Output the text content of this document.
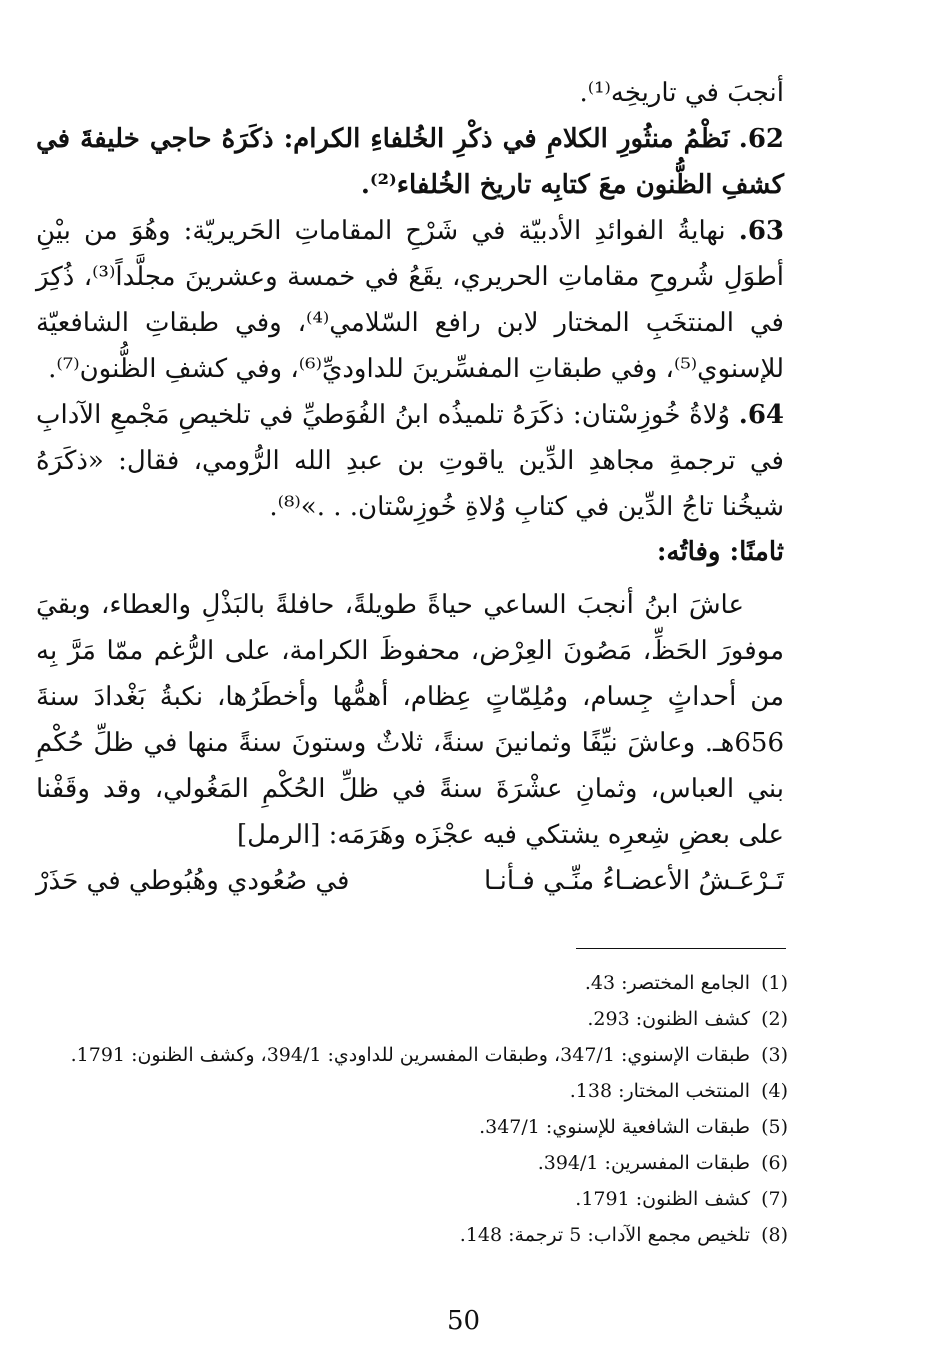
أنجبَ في تاريخِه⁽¹⁾.

62. نَظْمُ منثُورِ الكلامِ في ذكْرِ الخُلفاءِ الكرام: ذكَرَهُ حاجي خليفةَ في كشفِ الظُّنون معَ كتابِه تاريخ الخُلفاء⁽²⁾.

63. نهايةُ الفوائدِ الأدبيّة في شَرْحِ المقاماتِ الحَريريّة: وهُوَ من بيْنِ أطوَلِ شُروحِ مقاماتِ الحريري، يقَعُ في خمسة وعشرينَ مجلَّداً⁽³⁾، ذُكِرَ في المنتخَبِ المختار لابن رافع السّلامي⁽⁴⁾، وفي طبقاتِ الشافعيّة للإسنوي⁽⁵⁾، وفي طبقاتِ المفسِّرينَ للداوديِّ⁽⁶⁾، وفي كشفِ الظُّنون⁽⁷⁾.

64. وُلاةُ خُوزِسْتان: ذكَرَهُ تلميذُه ابنُ الفُوَطيِّ في تلخيصِ مَجْمعِ الآدابِ في ترجمةِ مجاهدِ الدِّين ياقوتِ بن عبدِ الله الرُّومي، فقال: «ذكَرَهُ شيخُنا تاجُ الدِّين في كتابِ وُلاةِ خُوزِسْتان. . .»⁽⁸⁾.

ثامنًا: وفاتُه:

عاشَ ابنُ أنجبَ الساعي حياةً طويلةً، حافلةً بالبَذْلِ والعطاء، وبقيَ موفورَ الحَظِّ، مَصُونَ العِرْض، محفوظَ الكرامة، على الرُّغم ممّا مَرَّ بِه من أحداثٍ جِسام، ومُلِمّاتٍ عِظام، أهمُّها وأخطَرُها، نكبةُ بَغْدادَ سنةَ 656هـ. وعاشَ نيِّفًا وثمانينَ سنةً، ثلاثٌ وستونَ سنةً منها في ظلِّ حُكْمِ بني العباس، وثمانِ عشْرَةَ سنةً في ظلِّ الحُكْمِ المَغُولي، وقد وقَفْنا على بعضِ شِعرِه يشتكي فيه عجْزَه وهَرَمَه: [الرمل]

تَـرْعَـشُ الأعضـاءُ منِّـي فـأنـا
في صُعُودي وهُبُوطي في حَذَرْ
(1)
الجامع المختصر: 43.
(2)
كشف الظنون: 293.
(3)
طبقات الإسنوي: 347/1، وطبقات المفسرين للداودي: 394/1، وكشف الظنون: 1791.
(4)
المنتخب المختار: 138.
(5)
طبقات الشافعية للإسنوي: 347/1.
(6)
طبقات المفسرين: 394/1.
(7)
كشف الظنون: 1791.
(8)
تلخيص مجمع الآداب: 5 ترجمة: 148.
50
